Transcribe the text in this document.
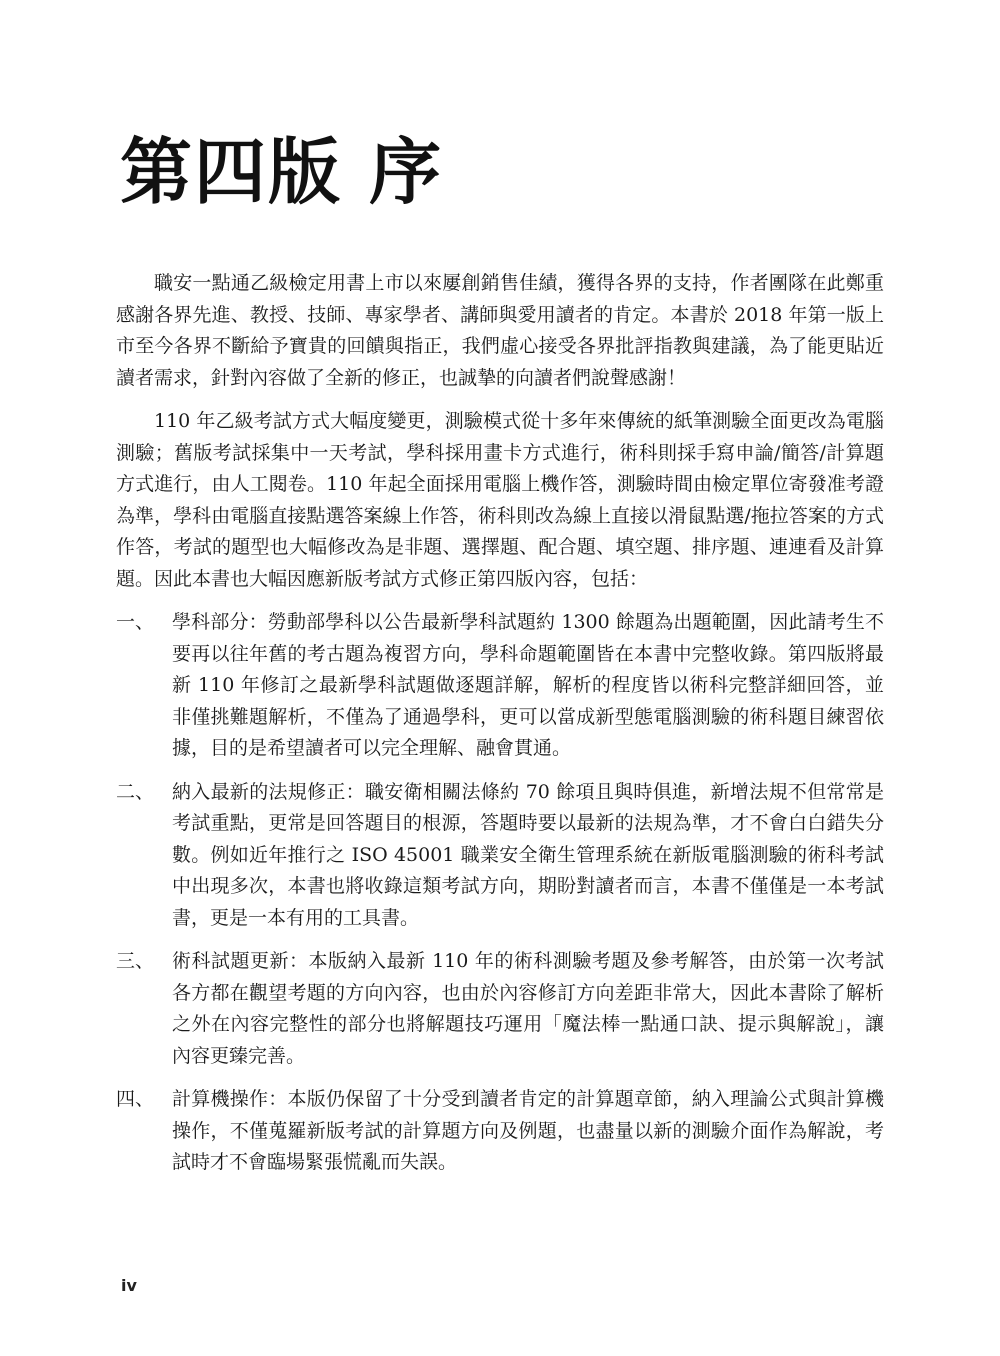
第四版 序

職安一點通乙級檢定用書上市以來屢創銷售佳績，獲得各界的支持，作者團隊在此鄭重感謝各界先進、教授、技師、專家學者、講師與愛用讀者的肯定。本書於 2018 年第一版上市至今各界不斷給予寶貴的回饋與指正，我們虛心接受各界批評指教與建議，為了能更貼近讀者需求，針對內容做了全新的修正，也誠摯的向讀者們說聲感謝！

110 年乙級考試方式大幅度變更，測驗模式從十多年來傳統的紙筆測驗全面更改為電腦測驗；舊版考試採集中一天考試，學科採用畫卡方式進行，術科則採手寫申論/簡答/計算題方式進行，由人工閱卷。110 年起全面採用電腦上機作答，測驗時間由檢定單位寄發准考證為準，學科由電腦直接點選答案線上作答，術科則改為線上直接以滑鼠點選/拖拉答案的方式作答，考試的題型也大幅修改為是非題、選擇題、配合題、填空題、排序題、連連看及計算題。因此本書也大幅因應新版考試方式修正第四版內容，包括：

一、 學科部分：勞動部學科以公告最新學科試題約 1300 餘題為出題範圍，因此請考生不要再以往年舊的考古題為複習方向，學科命題範圍皆在本書中完整收錄。第四版將最新 110 年修訂之最新學科試題做逐題詳解，解析的程度皆以術科完整詳細回答，並非僅挑難題解析，不僅為了通過學科，更可以當成新型態電腦測驗的術科題目練習依據，目的是希望讀者可以完全理解、融會貫通。
二、 納入最新的法規修正：職安衛相關法條約 70 餘項且與時俱進，新增法規不但常常是考試重點，更常是回答題目的根源，答題時要以最新的法規為準，才不會白白錯失分數。例如近年推行之 ISO 45001 職業安全衛生管理系統在新版電腦測驗的術科考試中出現多次，本書也將收錄這類考試方向，期盼對讀者而言，本書不僅僅是一本考試書，更是一本有用的工具書。
三、 術科試題更新：本版納入最新 110 年的術科測驗考題及參考解答，由於第一次考試各方都在觀望考題的方向內容，也由於內容修訂方向差距非常大，因此本書除了解析之外在內容完整性的部分也將解題技巧運用「魔法棒一點通口訣、提示與解說」，讓內容更臻完善。
四、 計算機操作：本版仍保留了十分受到讀者肯定的計算題章節，納入理論公式與計算機操作，不僅蒐羅新版考試的計算題方向及例題，也盡量以新的測驗介面作為解說，考試時才不會臨場緊張慌亂而失誤。
iv
